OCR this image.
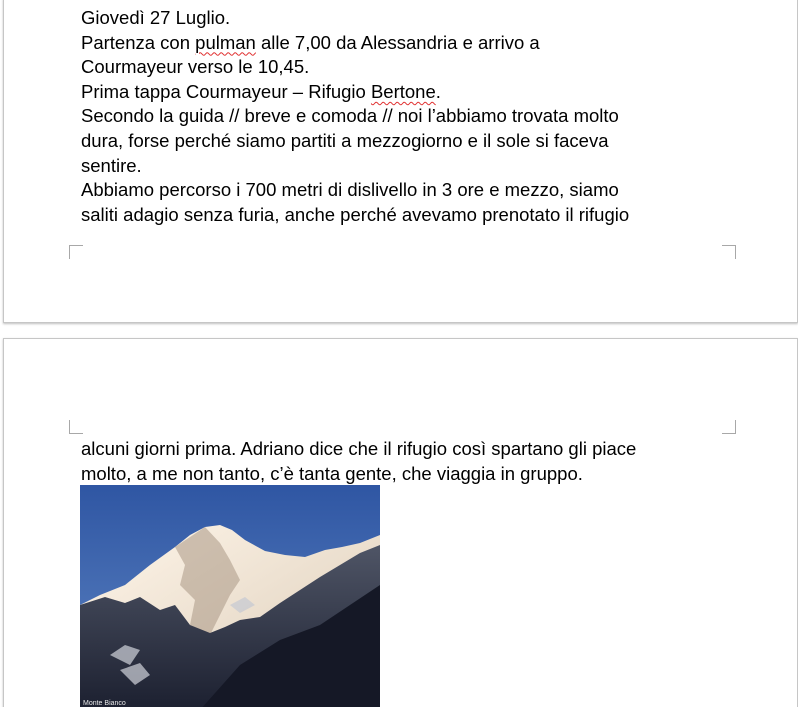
Giovedì 27 Luglio.
Partenza con pulman alle 7,00 da Alessandria e arrivo a
Courmayeur verso le 10,45.
Prima tappa Courmayeur – Rifugio Bertone.
Secondo la guida // breve e comoda // noi l’abbiamo trovata molto
dura, forse perché siamo partiti a mezzogiorno e il sole si faceva
sentire.
Abbiamo percorso i 700 metri di dislivello in 3 ore e mezzo, siamo
saliti adagio senza furia, anche perché avevamo prenotato il rifugio
alcuni giorni prima. Adriano dice che il rifugio così spartano gli piace
molto, a me non tanto, c’è tanta gente, che viaggia in gruppo.
Monte Bianco
